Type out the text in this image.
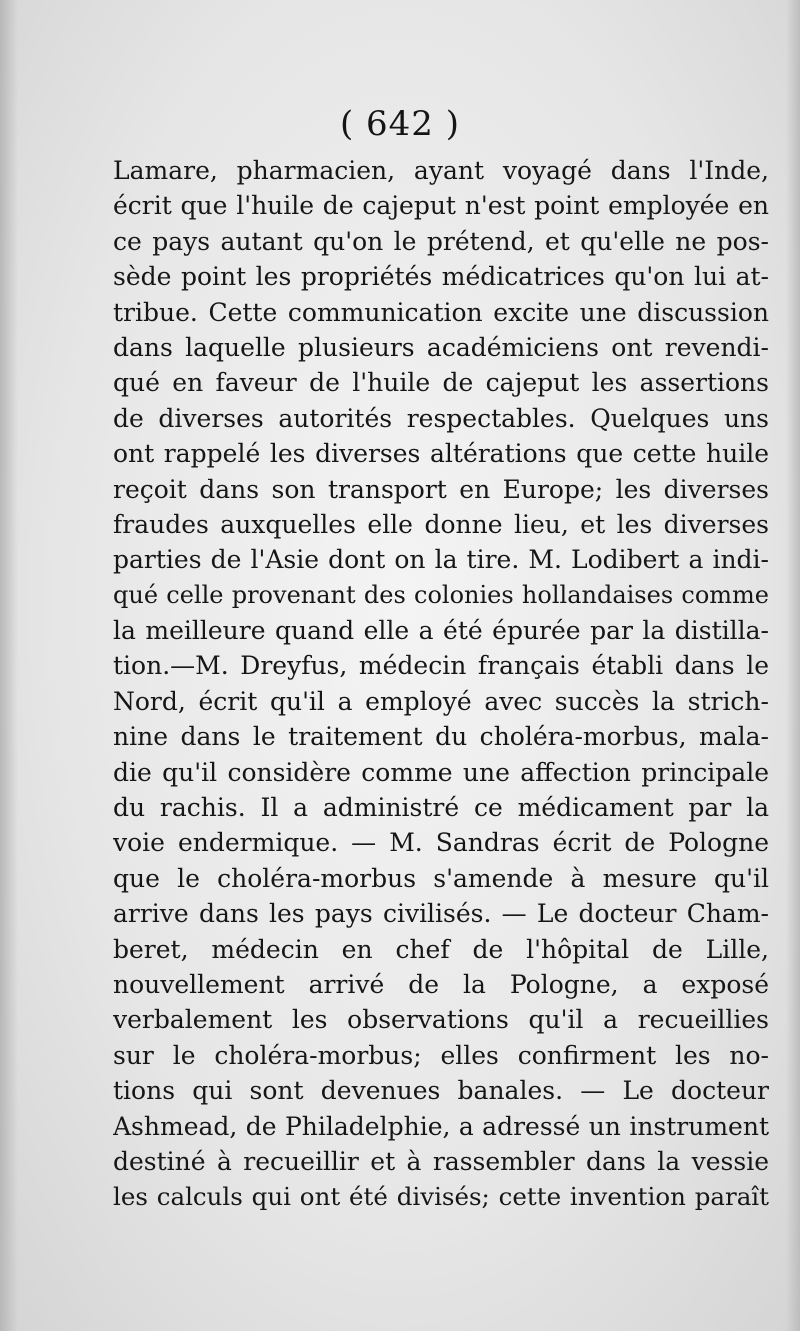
( 642 )
Lamare, pharmacien, ayant voyagé dans l'Inde,
écrit que l'huile de cajeput n'est point employée en
ce pays autant qu'on le prétend, et qu'elle ne pos-
sède point les propriétés médicatrices qu'on lui at-
tribue. Cette communication excite une discussion
dans laquelle plusieurs académiciens ont revendi-
qué en faveur de l'huile de cajeput les assertions
de diverses autorités respectables. Quelques uns
ont rappelé les diverses altérations que cette huile
reçoit dans son transport en Europe; les diverses
fraudes auxquelles elle donne lieu, et les diverses
parties de l'Asie dont on la tire. M. Lodibert a indi-
qué celle provenant des colonies hollandaises comme
la meilleure quand elle a été épurée par la distilla-
tion.—M. Dreyfus, médecin français établi dans le
Nord, écrit qu'il a employé avec succès la strich-
nine dans le traitement du choléra-morbus, mala-
die qu'il considère comme une affection principale
du rachis. Il a administré ce médicament par la
voie endermique. — M. Sandras écrit de Pologne
que le choléra-morbus s'amende à mesure qu'il
arrive dans les pays civilisés. — Le docteur Cham-
beret, médecin en chef de l'hôpital de Lille,
nouvellement arrivé de la Pologne, a exposé
verbalement les observations qu'il a recueillies
sur le choléra-morbus; elles confirment les no-
tions qui sont devenues banales. — Le docteur
Ashmead, de Philadelphie, a adressé un instrument
destiné à recueillir et à rassembler dans la vessie
les calculs qui ont été divisés; cette invention paraît
